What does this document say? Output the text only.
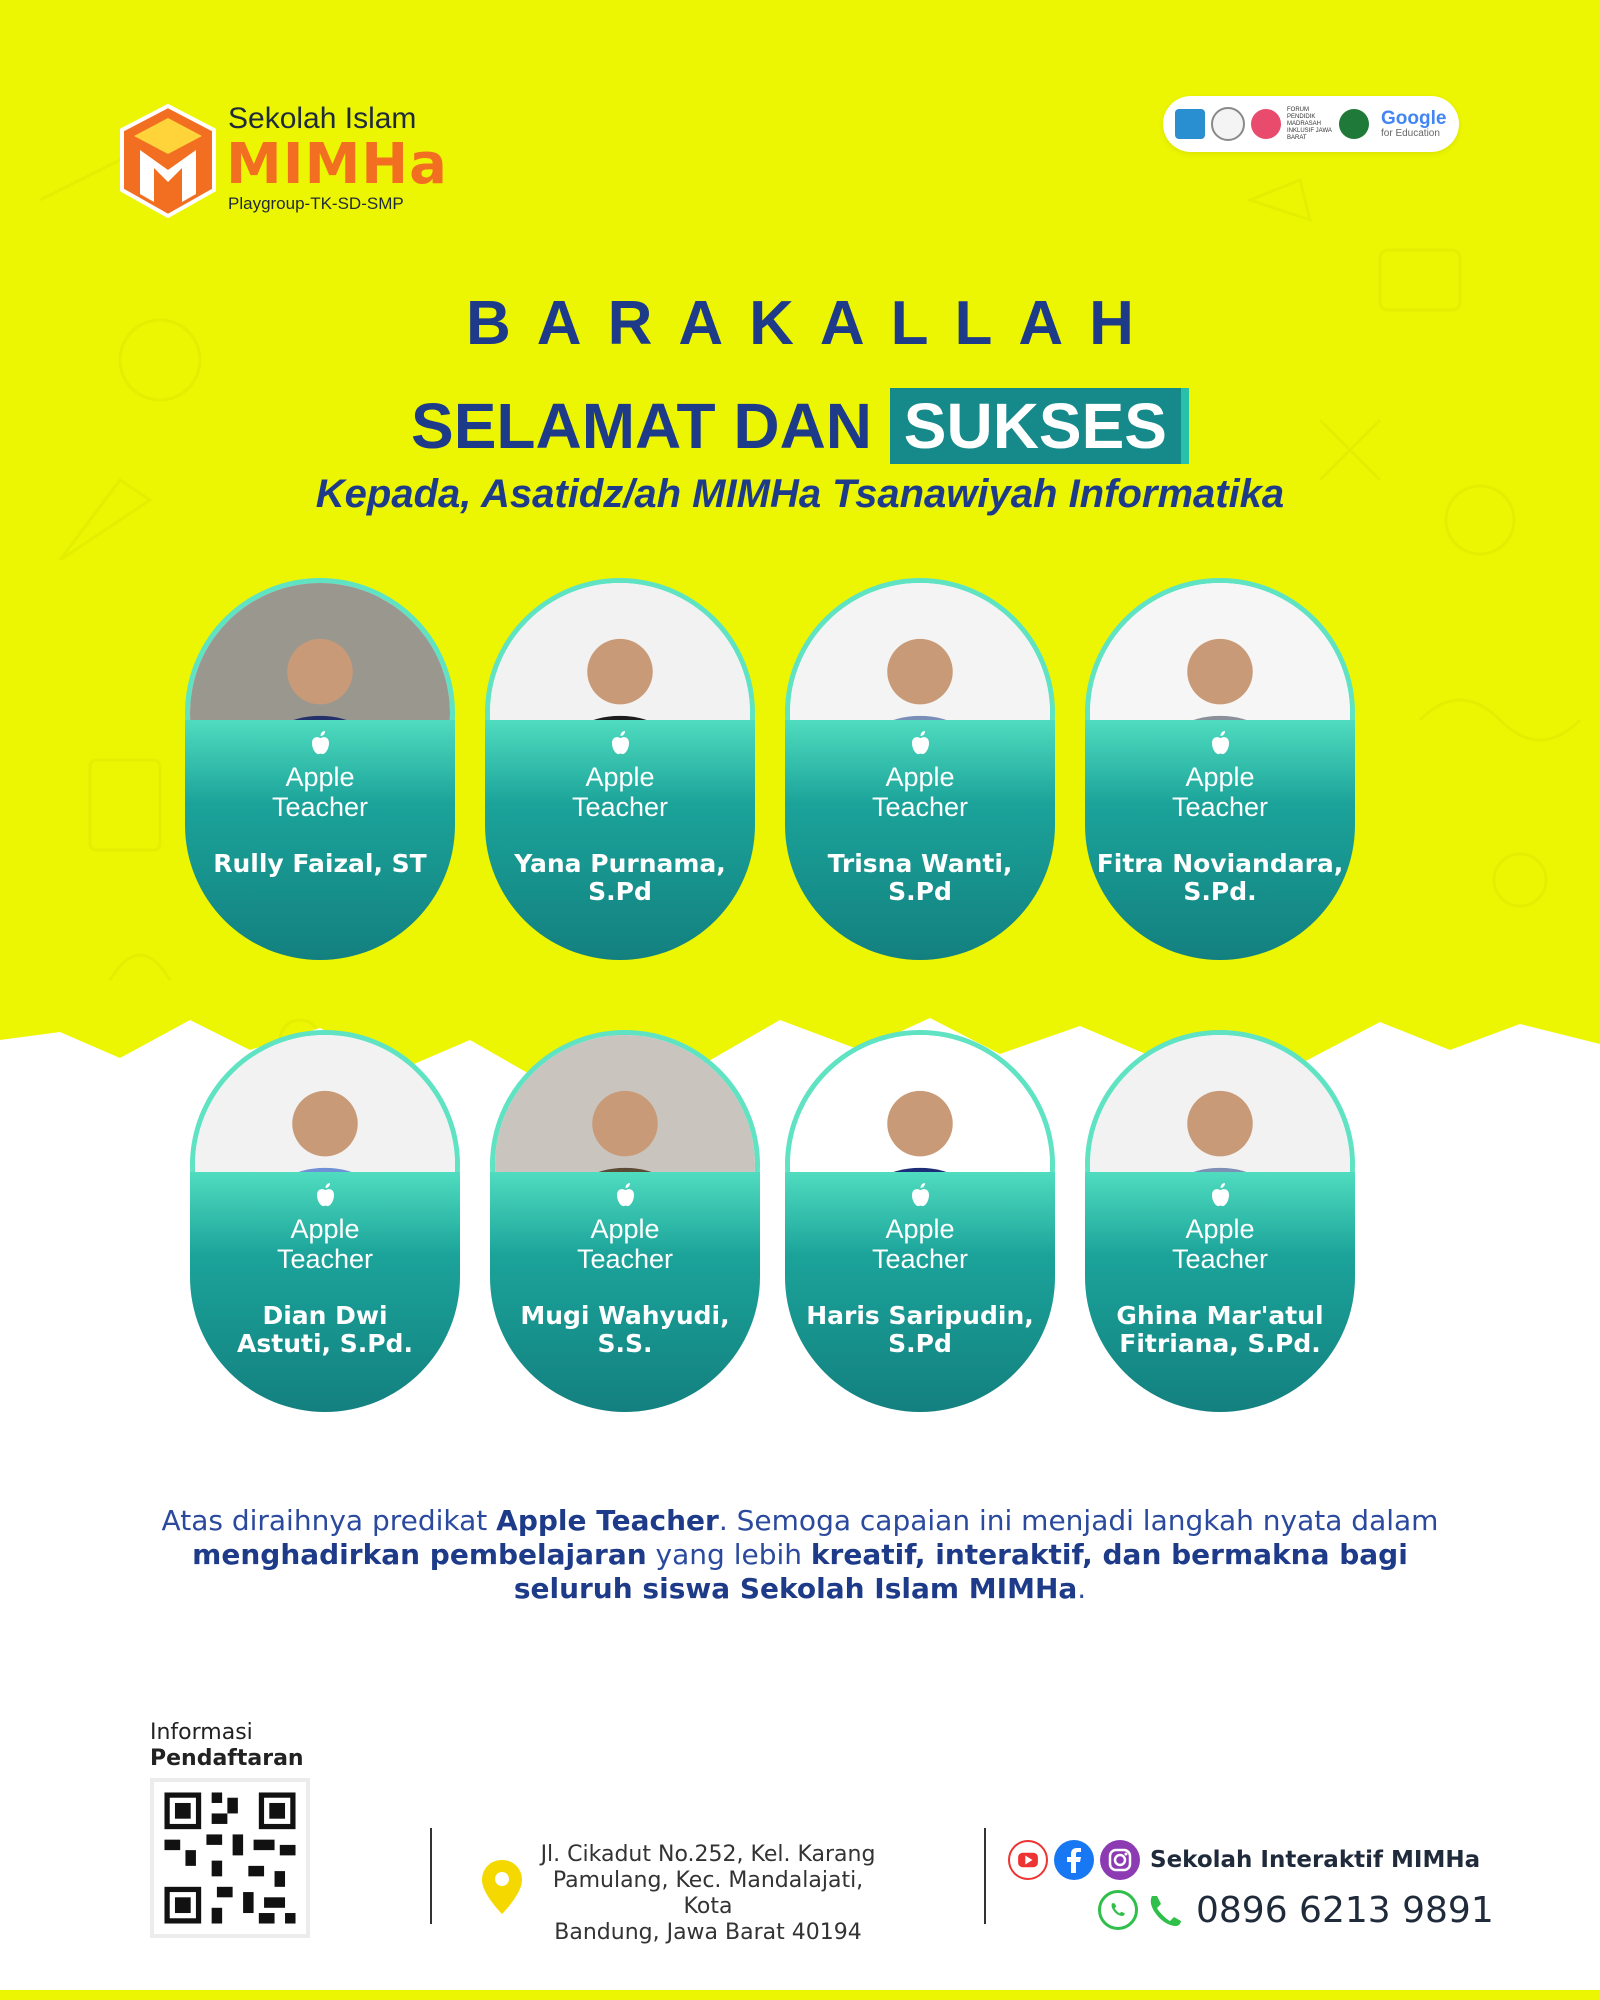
Sekolah Islam
MIMHa
Playgroup-TK-SD-SMP
FORUM PENDIDIK MADRASAH INKLUSIF JAWA BARAT
Google
for Education
BARAKALLAH
SELAMAT DAN SUKSES
Kepada, Asatidz/ah MIMHa Tsanawiyah Informatika
Apple
Teacher
Rully Faizal, ST
Apple
Teacher
Yana Purnama,
S.Pd
Apple
Teacher
Trisna Wanti,
S.Pd
Apple
Teacher
Fitra Noviandara,
S.Pd.
Apple
Teacher
Dian Dwi
Astuti, S.Pd.
Apple
Teacher
Mugi Wahyudi,
S.S.
Apple
Teacher
Haris Saripudin,
S.Pd
Apple
Teacher
Ghina Mar'atul
Fitriana, S.Pd.
Atas diraihnya predikat Apple Teacher. Semoga capaian ini menjadi langkah nyata dalam menghadirkan pembelajaran yang lebih kreatif, interaktif, dan bermakna bagi seluruh siswa Sekolah Islam MIMHa.
Informasi
Pendaftaran
Jl. Cikadut No.252, Kel. Karang
Pamulang, Kec. Mandalajati, Kota
Bandung, Jawa Barat 40194
Sekolah Interaktif MIMHa
0896 6213 9891
